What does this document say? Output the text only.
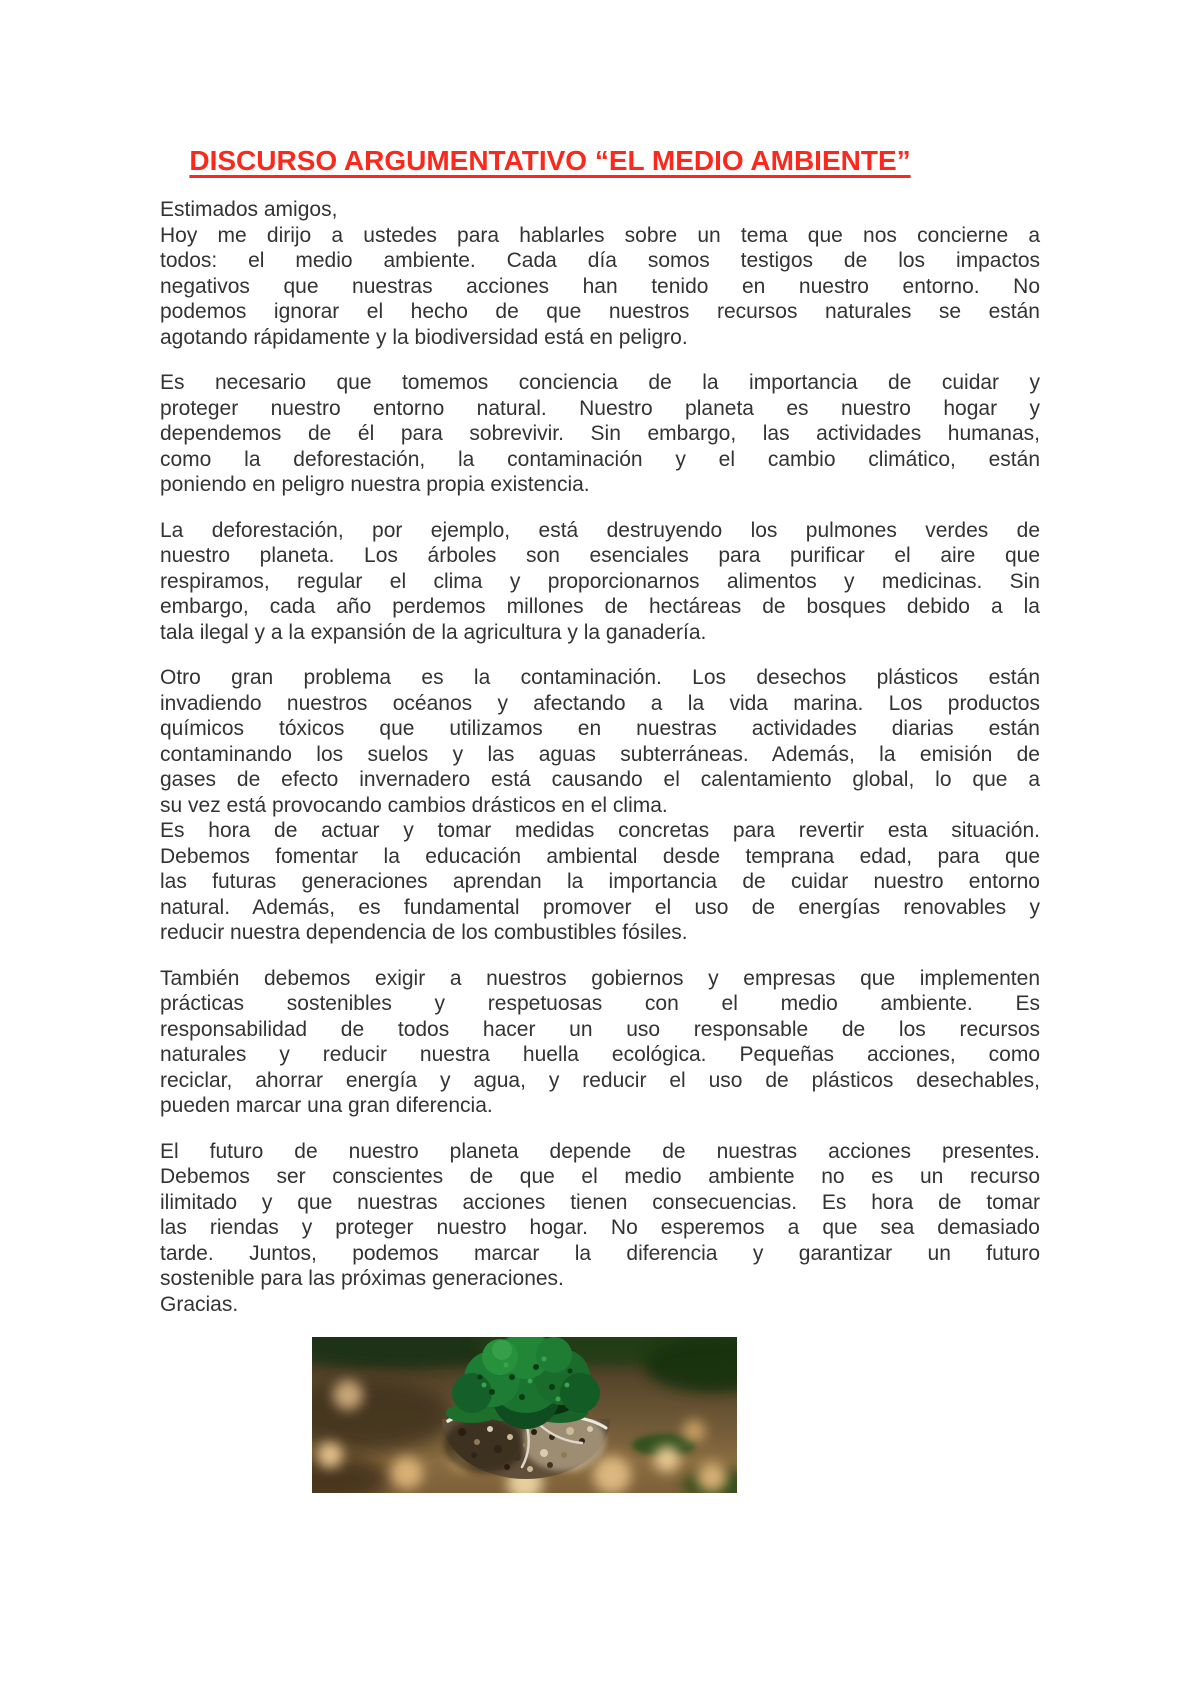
DISCURSO ARGUMENTATIVO “EL MEDIO AMBIENTE”

Estimados amigos,

Hoy me dirijo a ustedes para hablarles sobre un tema que nos concierne a
todos: el medio ambiente. Cada día somos testigos de los impactos
negativos que nuestras acciones han tenido en nuestro entorno. No
podemos ignorar el hecho de que nuestros recursos naturales se están
agotando rápidamente y la biodiversidad está en peligro.

Es necesario que tomemos conciencia de la importancia de cuidar y
proteger nuestro entorno natural. Nuestro planeta es nuestro hogar y
dependemos de él para sobrevivir. Sin embargo, las actividades humanas,
como la deforestación, la contaminación y el cambio climático, están
poniendo en peligro nuestra propia existencia.

La deforestación, por ejemplo, está destruyendo los pulmones verdes de
nuestro planeta. Los árboles son esenciales para purificar el aire que
respiramos, regular el clima y proporcionarnos alimentos y medicinas. Sin
embargo, cada año perdemos millones de hectáreas de bosques debido a la
tala ilegal y a la expansión de la agricultura y la ganadería.

Otro gran problema es la contaminación. Los desechos plásticos están
invadiendo nuestros océanos y afectando a la vida marina. Los productos
químicos tóxicos que utilizamos en nuestras actividades diarias están
contaminando los suelos y las aguas subterráneas. Además, la emisión de
gases de efecto invernadero está causando el calentamiento global, lo que a
su vez está provocando cambios drásticos en el clima.

Es hora de actuar y tomar medidas concretas para revertir esta situación.
Debemos fomentar la educación ambiental desde temprana edad, para que
las futuras generaciones aprendan la importancia de cuidar nuestro entorno
natural. Además, es fundamental promover el uso de energías renovables y
reducir nuestra dependencia de los combustibles fósiles.

También debemos exigir a nuestros gobiernos y empresas que implementen
prácticas sostenibles y respetuosas con el medio ambiente. Es
responsabilidad de todos hacer un uso responsable de los recursos
naturales y reducir nuestra huella ecológica. Pequeñas acciones, como
reciclar, ahorrar energía y agua, y reducir el uso de plásticos desechables,
pueden marcar una gran diferencia.

El futuro de nuestro planeta depende de nuestras acciones presentes.
Debemos ser conscientes de que el medio ambiente no es un recurso
ilimitado y que nuestras acciones tienen consecuencias. Es hora de tomar
las riendas y proteger nuestro hogar. No esperemos a que sea demasiado
tarde. Juntos, podemos marcar la diferencia y garantizar un futuro
sostenible para las próximas generaciones.

Gracias.
